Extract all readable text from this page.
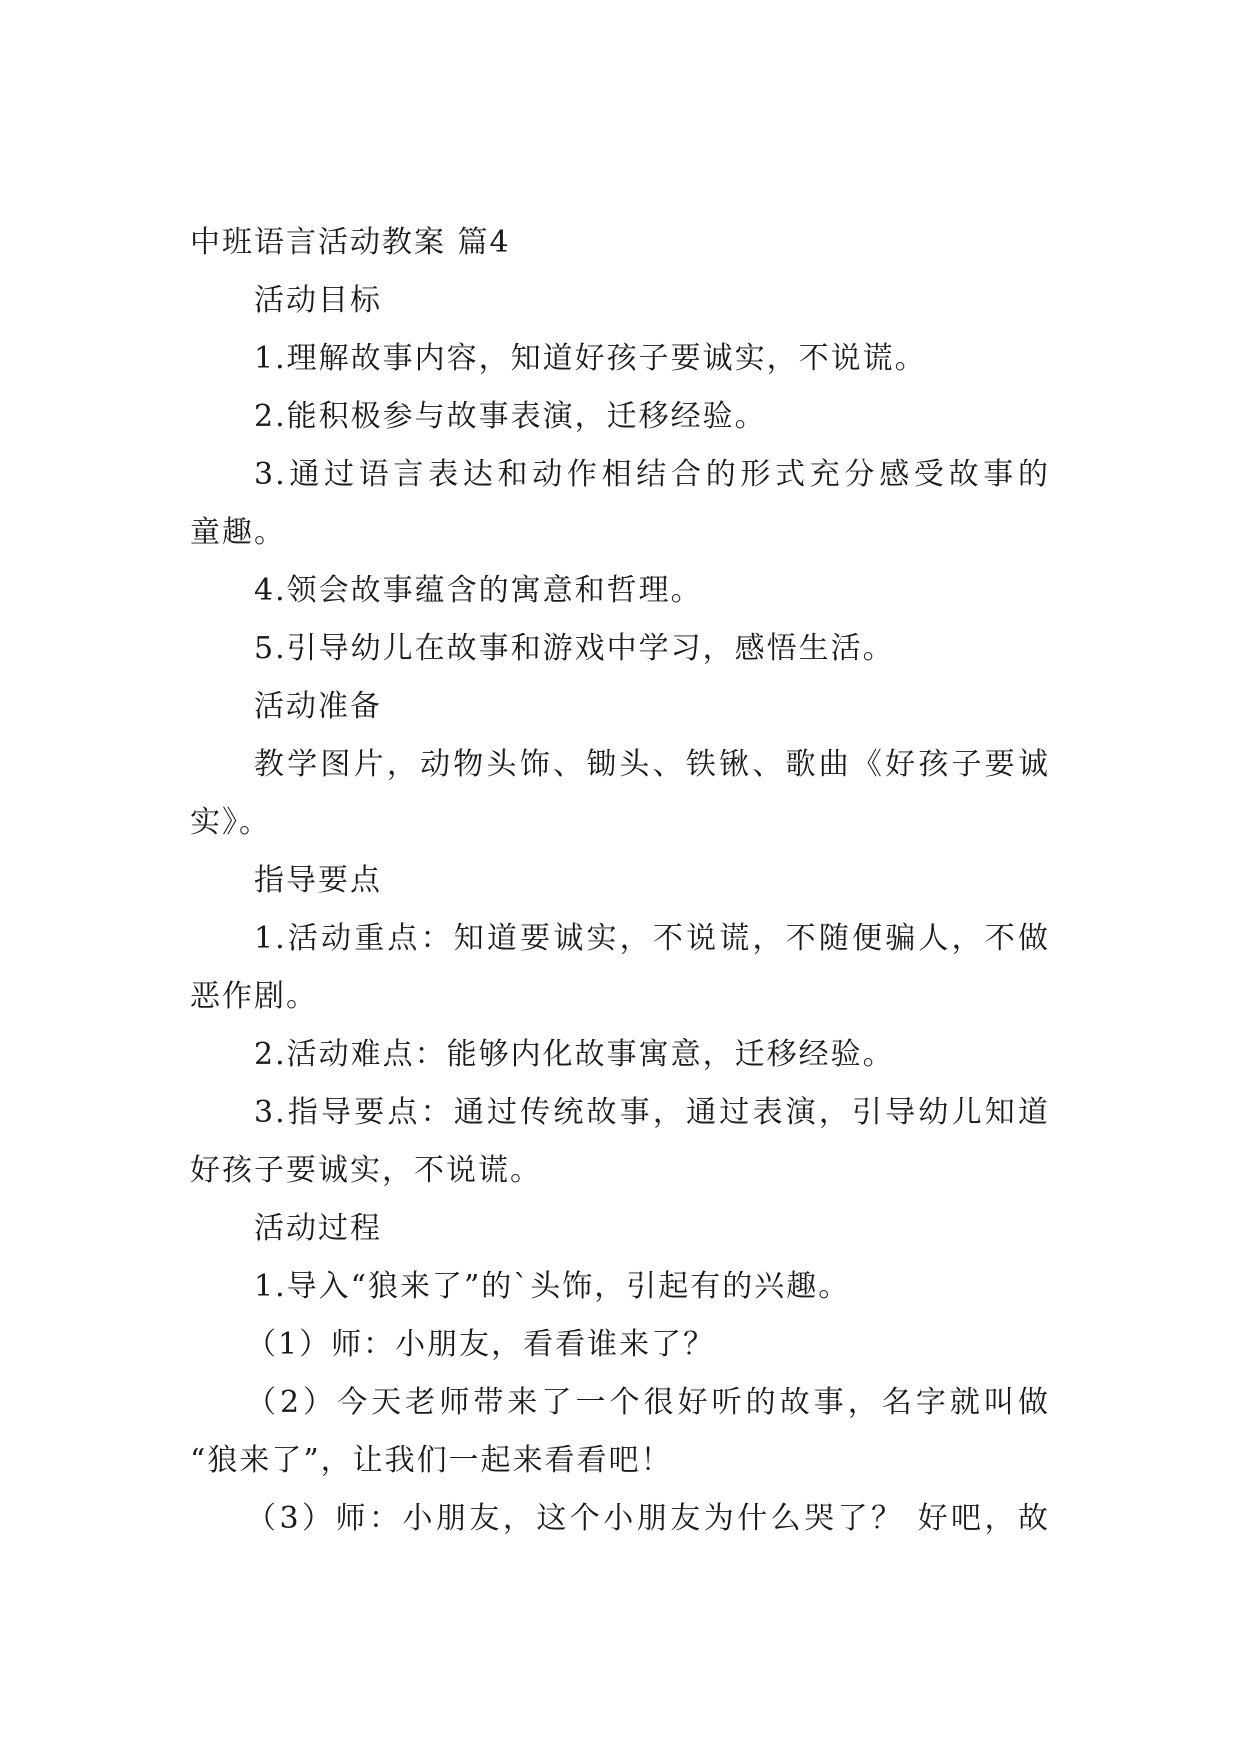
中班语言活动教案 篇4
活动目标
1.理解故事内容，知道好孩子要诚实，不说谎。
2.能积极参与故事表演，迁移经验。
3.通过语言表达和动作相结合的形式充分感受故事的
童趣。
4.领会故事蕴含的寓意和哲理。
5.引导幼儿在故事和游戏中学习，感悟生活。
活动准备
教学图片，动物头饰、锄头、铁锹、歌曲《好孩子要诚
实》。
指导要点
1.活动重点：知道要诚实，不说谎，不随便骗人，不做
恶作剧。
2.活动难点：能够内化故事寓意，迁移经验。
3.指导要点：通过传统故事，通过表演，引导幼儿知道
好孩子要诚实，不说谎。
活动过程
1.导入“狼来了”的`头饰，引起有的兴趣。
（1）师：小朋友，看看谁来了？
（2）今天老师带来了一个很好听的故事，名字就叫做
“狼来了”，让我们一起来看看吧！
（3）师：小朋友，这个小朋友为什么哭了？ 好吧，故
